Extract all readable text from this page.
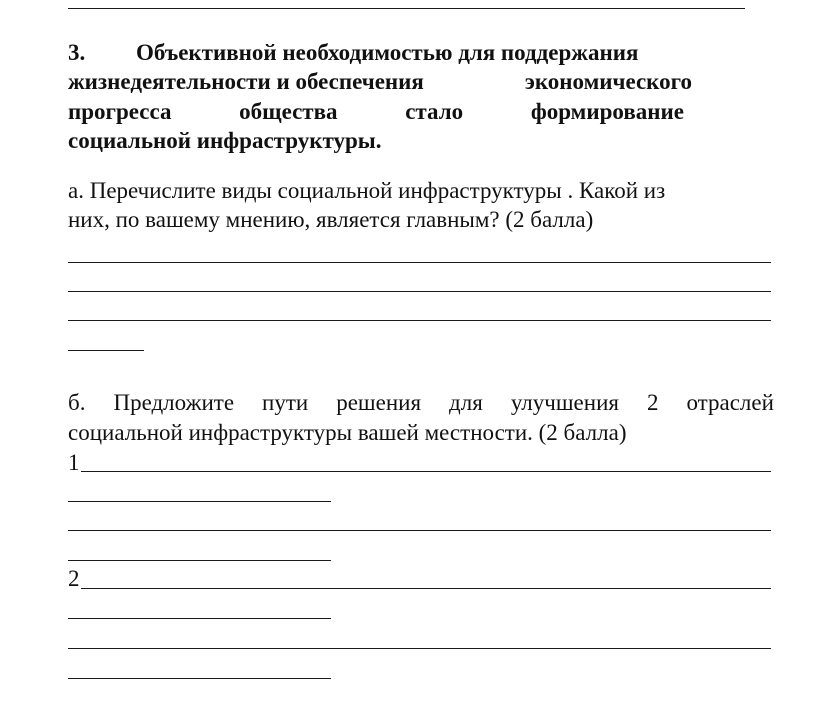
3. Объективной необходимостью для поддержания
жизнедеятельности и обеспечения	экономического
прогресса	общества	стало	формирование
социальной инфраструктуры.
а. Перечислите виды социальной инфраструктуры . Какой из
них, по вашему мнению, является главным? (2 балла)
б. Предложите пути решения для улучшения 2 отраслей
социальной инфраструктуры вашей местности. (2 балла)
1
2
